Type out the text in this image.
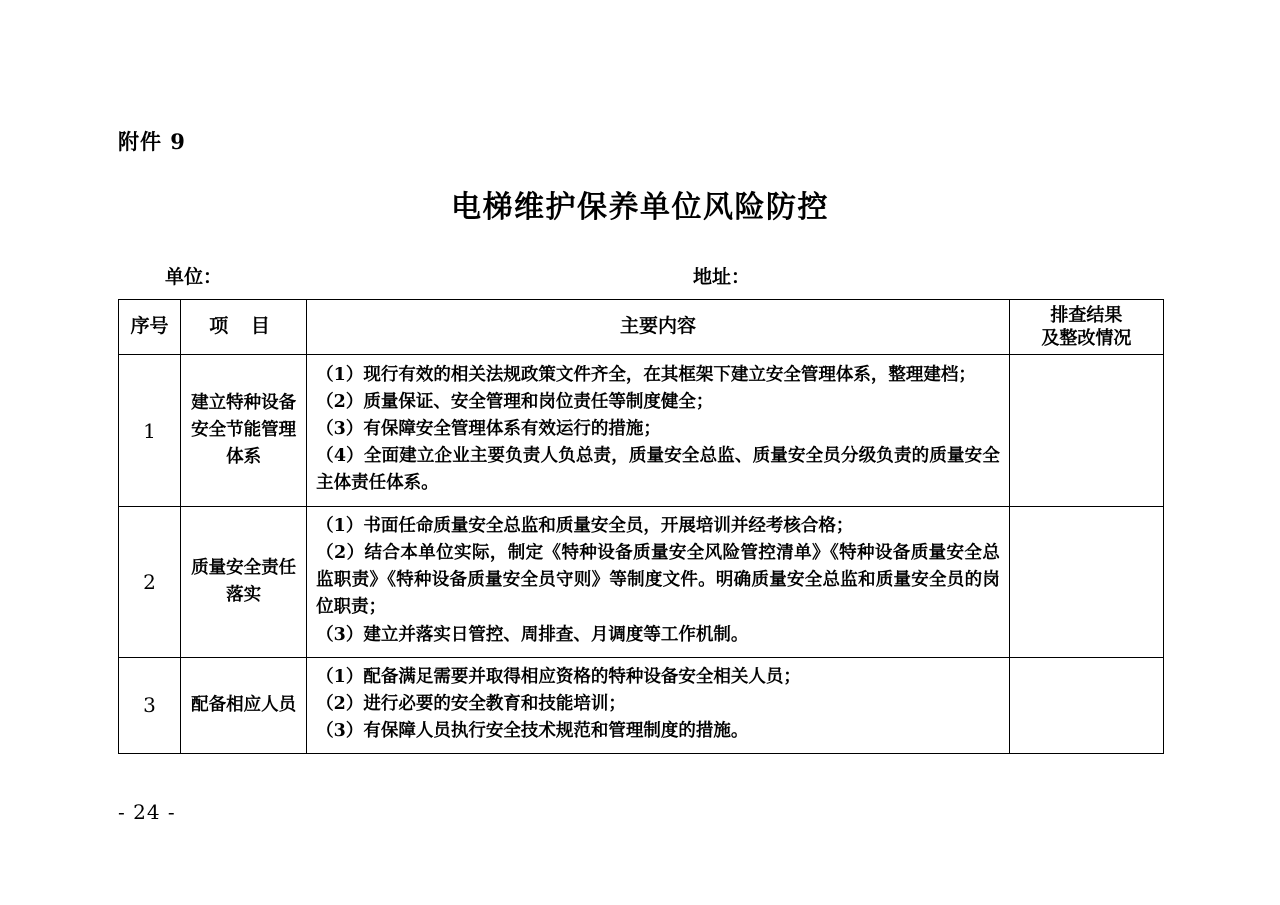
附件 9
电梯维护保养单位风险防控
单位：	地址：
序号	项 目	主要内容	排查结果
及整改情况

1	建立特种设备安全节能管理体系	（1）现行有效的相关法规政策文件齐全，在其框架下建立安全管理体系，整理建档；
（2）质量保证、安全管理和岗位责任等制度健全；
（3）有保障安全管理体系有效运行的措施；
（4）全面建立企业主要负责人负总责，质量安全总监、质量安全员分级负责的质量安全主体责任体系。	

2	质量安全责任落实	（1）书面任命质量安全总监和质量安全员，开展培训并经考核合格；
（2）结合本单位实际，制定《特种设备质量安全风险管控清单》《特种设备质量安全总监职责》《特种设备质量安全员守则》等制度文件。明确质量安全总监和质量安全员的岗位职责；
（3）建立并落实日管控、周排查、月调度等工作机制。	

3	配备相应人员	（1）配备满足需要并取得相应资格的特种设备安全相关人员；
（2）进行必要的安全教育和技能培训；
（3）有保障人员执行安全技术规范和管理制度的措施。	

- 24 -
